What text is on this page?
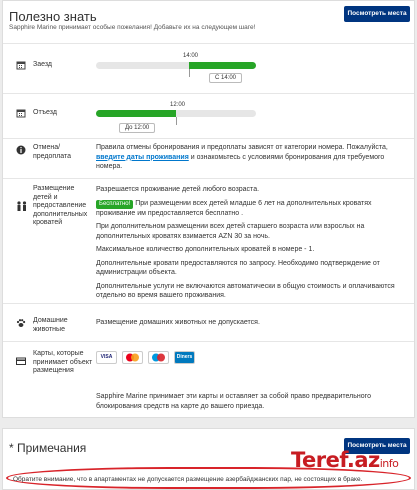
Полезно знать
Sapphire Marine принимает особые пожелания! Добавьте их на следующем шаге!
Посмотреть места
Заезд
14:00
С 14:00
Отъезд
12:00
До 12:00
Отмена/ предоплата
Правила отмены бронирования и предоплаты зависят от категории номера. Пожалуйста, введите даты проживания и ознакомьтесь с условиями бронирования для требуемого номера.
Размещение детей и предоставление дополнительных кроватей
Разрешается проживание детей любого возраста.
Бесплатно! При размещении всех детей младше 6 лет на дополнительных кроватях проживание им предоставляется бесплатно .
При дополнительном размещении всех детей старшего возраста или взрослых на дополнительных кроватях взимается AZN 30 за ночь.
Максимальное количество дополнительных кроватей в номере - 1.
Дополнительные кровати предоставляются по запросу. Необходимо подтверждение от администрации объекта.
Дополнительные услуги не включаются автоматически в общую стоимость и оплачиваются отдельно во время вашего проживания.
Домашние животные
Размещение домашних животных не допускается.
Карты, которые принимает объект размещения
VISA	Diners
Sapphire Marine принимает эти карты и оставляет за собой право предварительного блокирования средств на карте до вашего приезда.
* Примечания	Посмотреть места
Обратите внимание, что в апартаментах не допускается размещение азербайджанских пар, не состоящих в браке.
Teref.azinfo
